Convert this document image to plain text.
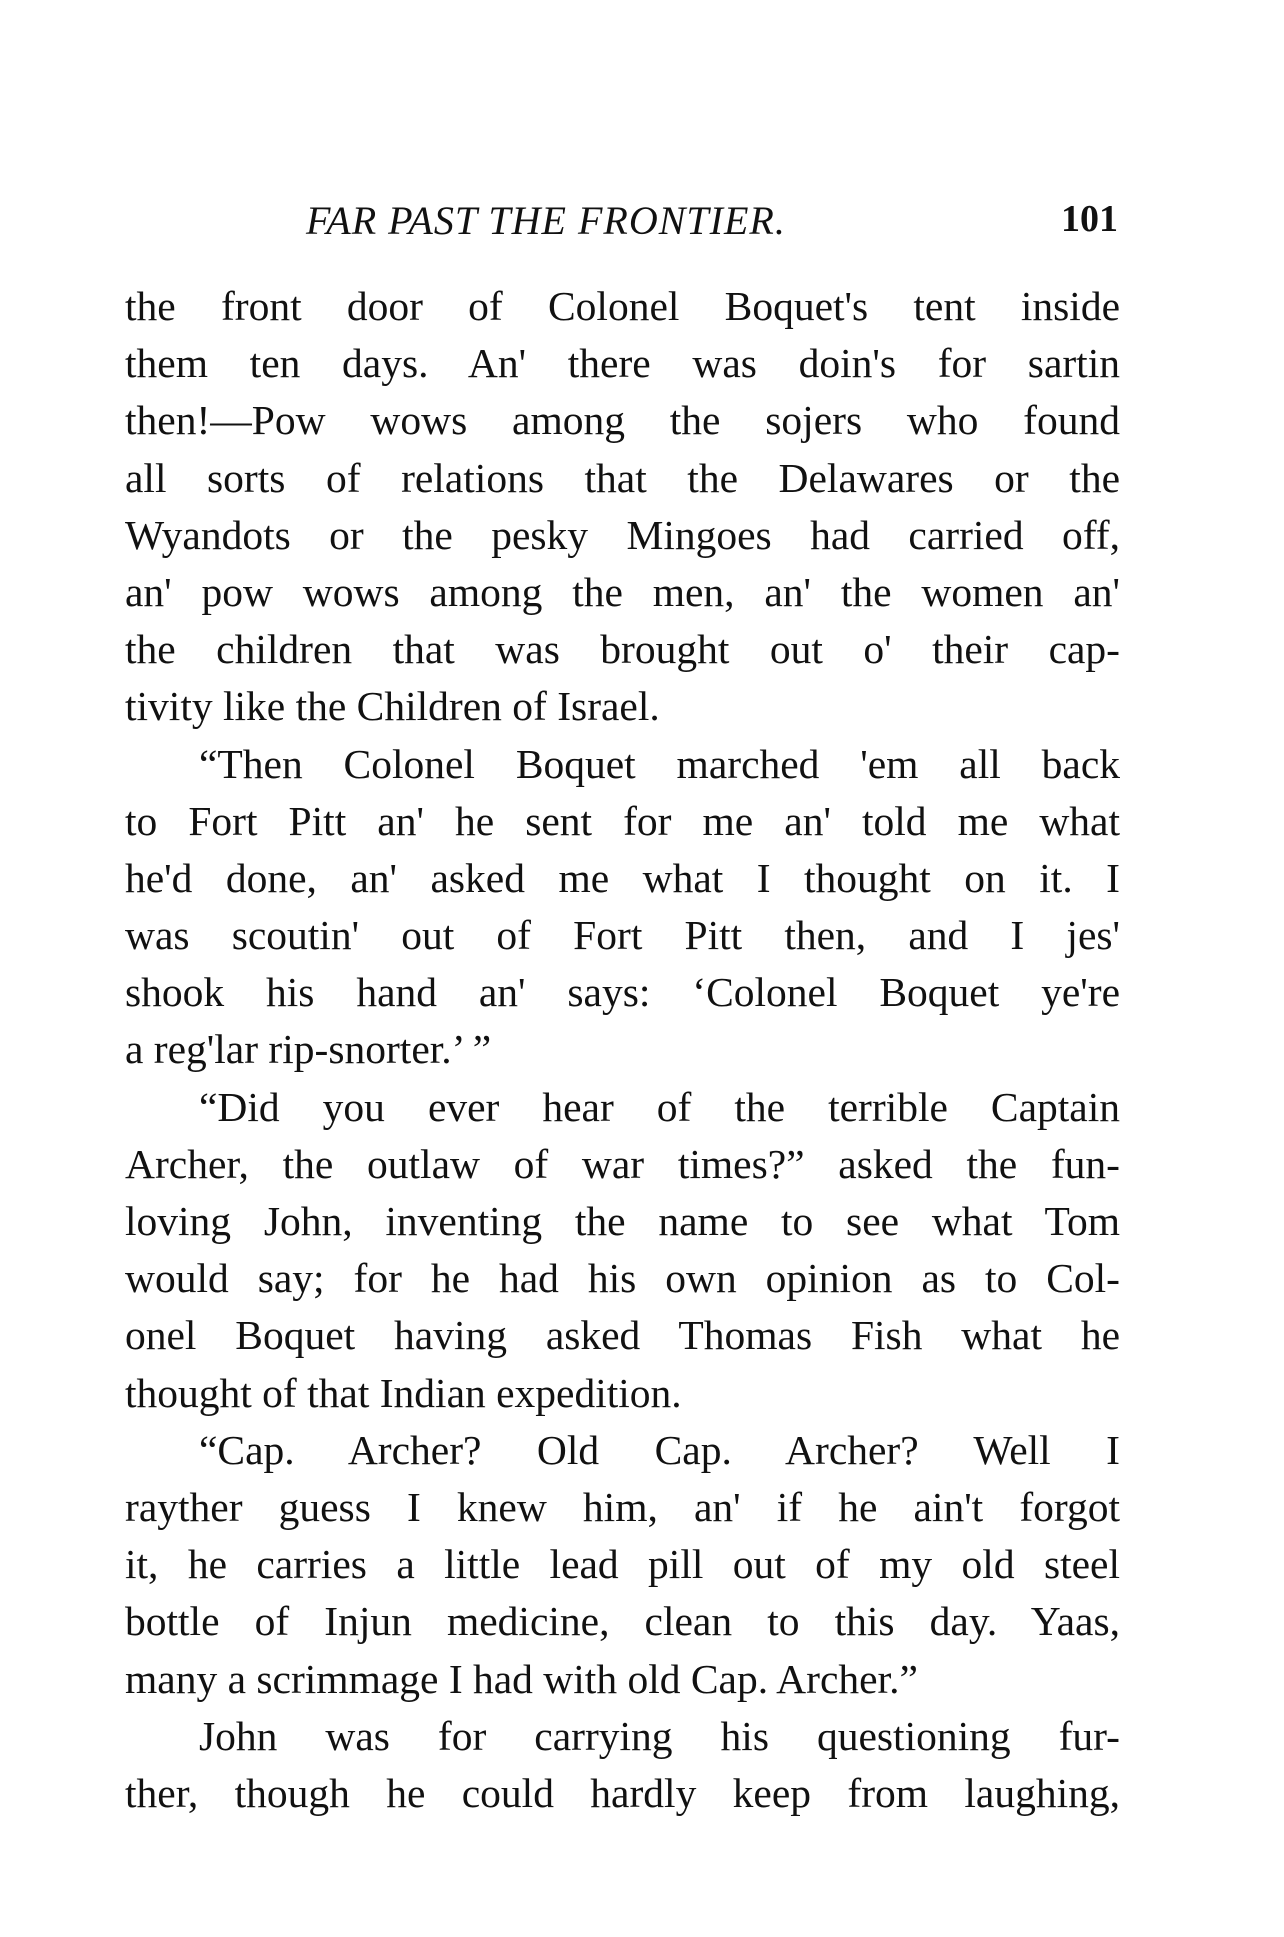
FAR PAST THE FRONTIER.	101
the front door of Colonel Boquet's tent inside
them ten days. An' there was doin's for sartin
then!—Pow wows among the sojers who found
all sorts of relations that the Delawares or the
Wyandots or the pesky Mingoes had carried off,
an' pow wows among the men, an' the women an'
the children that was brought out o' their cap-
tivity like the Children of Israel.
“Then Colonel Boquet marched 'em all back
to Fort Pitt an' he sent for me an' told me what
he'd done, an' asked me what I thought on it. I
was scoutin' out of Fort Pitt then, and I jes'
shook his hand an' says: ‘Colonel Boquet ye're
a reg'lar rip-snorter.’ ”
“Did you ever hear of the terrible Captain
Archer, the outlaw of war times?” asked the fun-
loving John, inventing the name to see what Tom
would say; for he had his own opinion as to Col-
onel Boquet having asked Thomas Fish what he
thought of that Indian expedition.
“Cap. Archer? Old Cap. Archer? Well I
rayther guess I knew him, an' if he ain't forgot
it, he carries a little lead pill out of my old steel
bottle of Injun medicine, clean to this day. Yaas,
many a scrimmage I had with old Cap. Archer.”
John was for carrying his questioning fur-
ther, though he could hardly keep from laughing,
